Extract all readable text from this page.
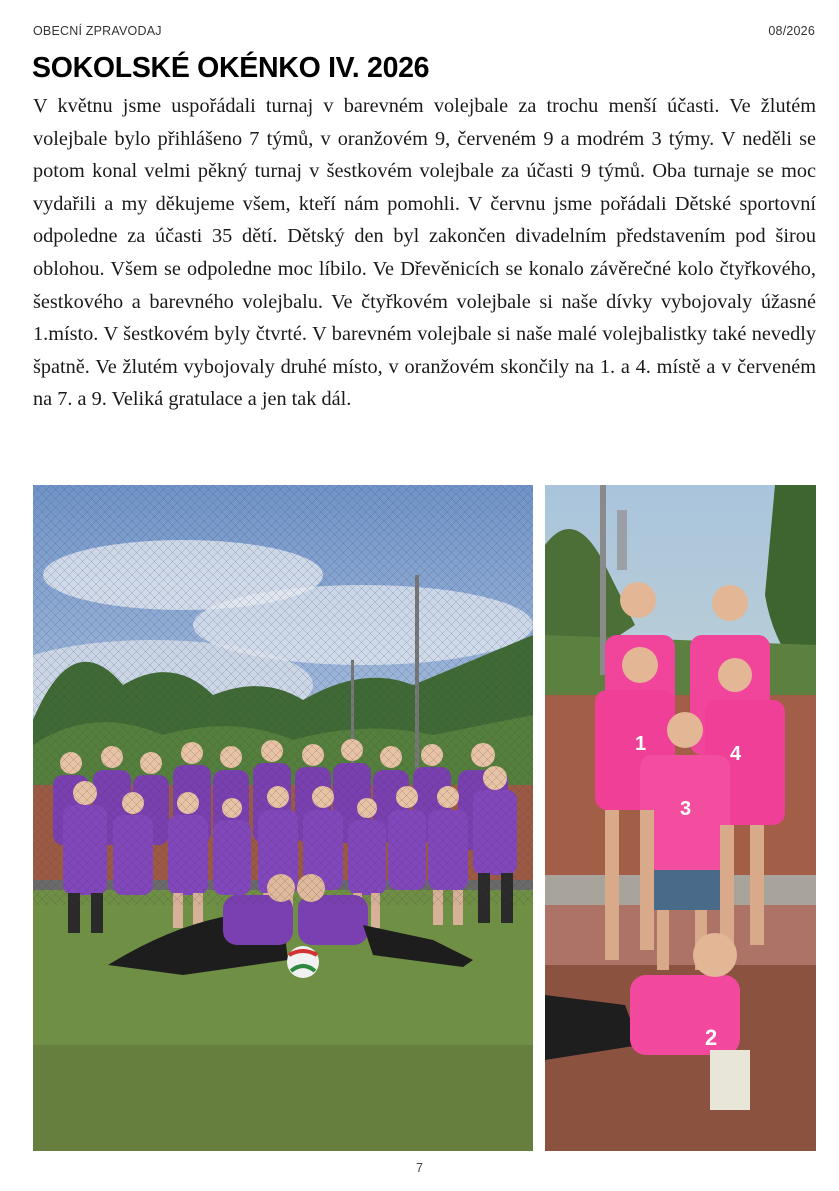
OBECNÍ ZPRAVODAJ	08/2026
SOKOLSKÉ OKÉNKO IV. 2026

V květnu jsme uspořádali turnaj v barevném volejbale za trochu menší účasti. Ve žlutém volejbale bylo přihlášeno 7 týmů, v oranžovém 9, červeném 9 a modrém 3 týmy. V neděli se potom konal velmi pěkný turnaj v šestkovém volejbale za účasti 9 týmů. Oba turnaje se moc vydařili a my děkujeme všem, kteří nám pomohli. V červnu jsme pořádali Dětské sportovní odpoledne za účasti 35 dětí. Dětský den byl zakončen divadelním představením pod širou oblohou. Všem se odpoledne moc líbilo. Ve Dřevěnicích se konalo závěrečné kolo čtyřkového, šestkového a barevného volejbalu. Ve čtyřkovém volejbale si naše dívky vybojovaly úžasné 1.místo. V šestkovém byly čtvrté. V barevném volejbale si naše malé volejbalistky také nevedly špatně. Ve žlutém vybojovaly druhé místo, v oranžovém skončily na 1. a 4. místě a v červeném na 7. a 9. Veliká gratulace a jen tak dál.

1	4
3
2
7
